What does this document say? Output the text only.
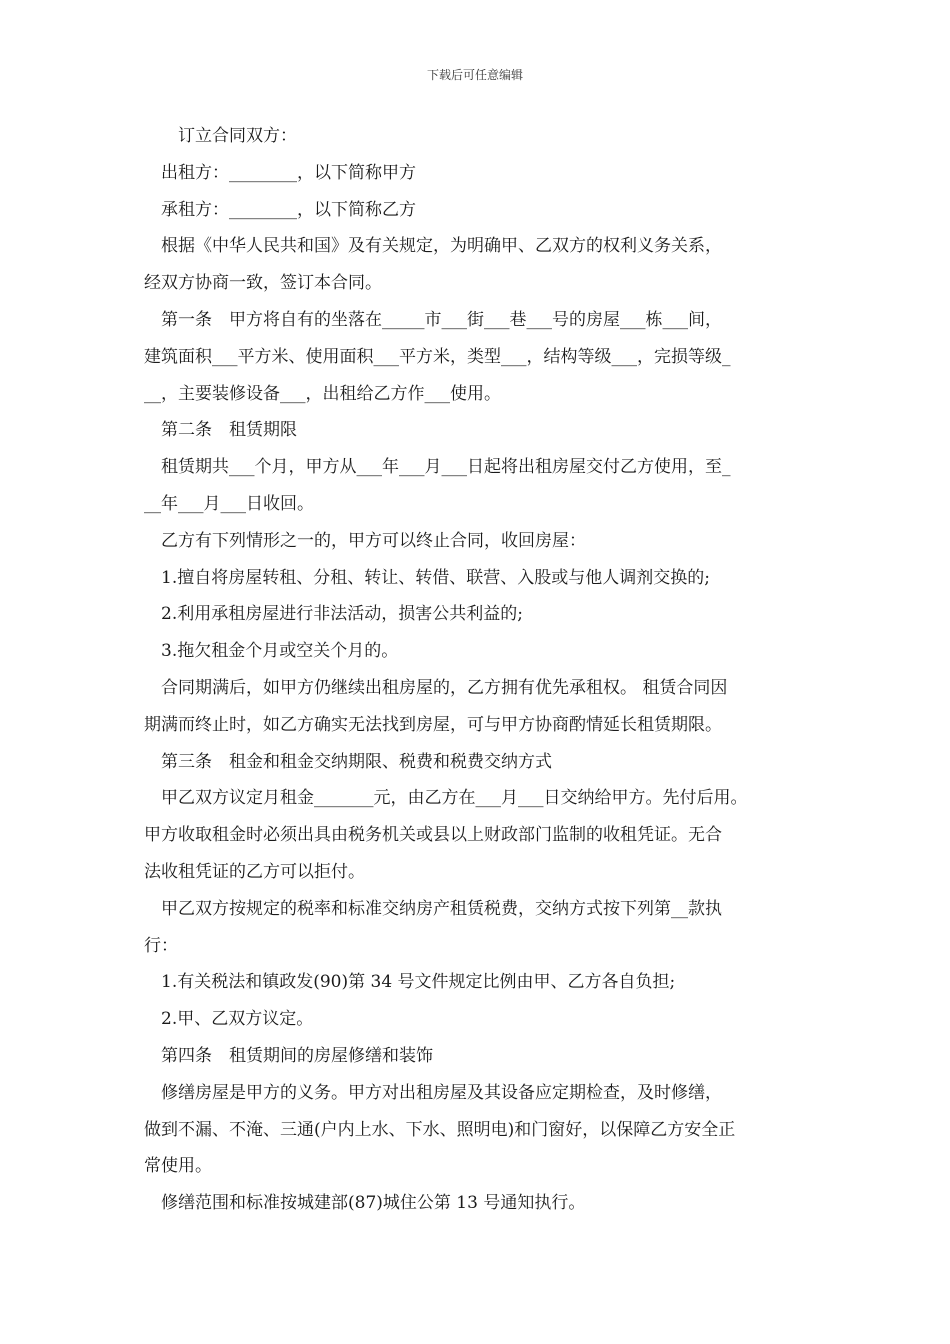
下载后可任意编辑
订立合同双方：
出租方：________，以下简称甲方
承租方：________，以下简称乙方
根据《中华人民共和国》及有关规定，为明确甲、乙双方的权利义务关系，
经双方协商一致，签订本合同。
第一条　甲方将自有的坐落在_____市___街___巷___号的房屋___栋___间，
建筑面积___平方米、使用面积___平方米，类型___，结构等级___，完损等级_
__，主要装修设备___，出租给乙方作___使用。
第二条　租赁期限
租赁期共___个月，甲方从___年___月___日起将出租房屋交付乙方使用，至_
__年___月___日收回。
乙方有下列情形之一的，甲方可以终止合同，收回房屋：
1.擅自将房屋转租、分租、转让、转借、联营、入股或与他人调剂交换的;
2.利用承租房屋进行非法活动，损害公共利益的;
3.拖欠租金个月或空关个月的。
合同期满后，如甲方仍继续出租房屋的，乙方拥有优先承租权。 租赁合同因
期满而终止时，如乙方确实无法找到房屋，可与甲方协商酌情延长租赁期限。
第三条　租金和租金交纳期限、税费和税费交纳方式
甲乙双方议定月租金_______元，由乙方在___月___日交纳给甲方。先付后用。
甲方收取租金时必须出具由税务机关或县以上财政部门监制的收租凭证。无合
法收租凭证的乙方可以拒付。
甲乙双方按规定的税率和标准交纳房产租赁税费，交纳方式按下列第__款执
行：
1.有关税法和镇政发(90)第 34 号文件规定比例由甲、乙方各自负担;
2.甲、乙双方议定。
第四条　租赁期间的房屋修缮和装饰
修缮房屋是甲方的义务。甲方对出租房屋及其设备应定期检查，及时修缮，
做到不漏、不淹、三通(户内上水、下水、照明电)和门窗好，以保障乙方安全正
常使用。
修缮范围和标准按城建部(87)城住公第 13 号通知执行。
